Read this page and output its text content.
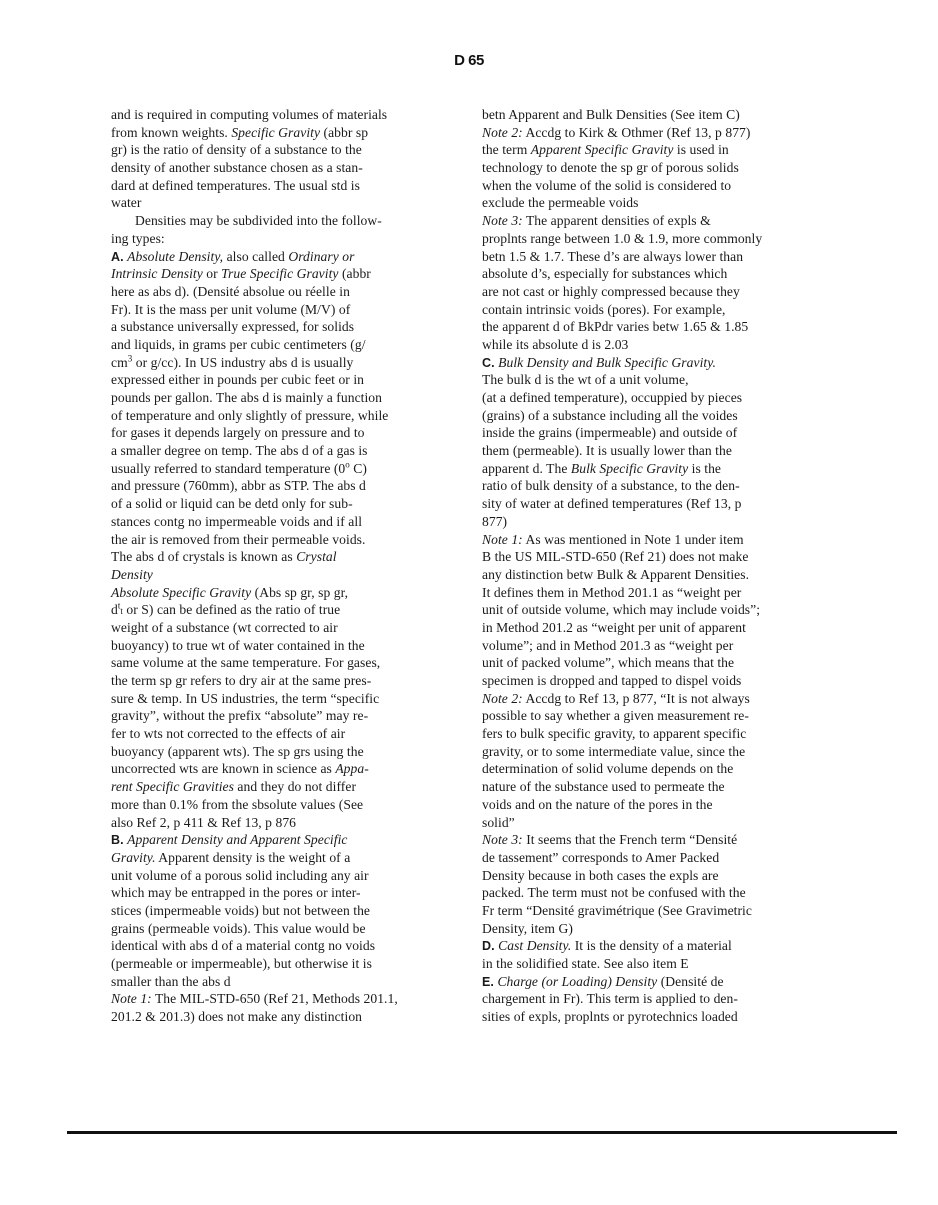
D 65
and is required in computing volumes of materials
from known weights. Specific Gravity (abbr sp
gr) is the ratio of density of a substance to the
density of another substance chosen as a stan-
dard at defined temperatures. The usual std is
water
Densities may be subdivided into the follow-
ing types:
A. Absolute Density, also called Ordinary or
Intrinsic Density or True Specific Gravity (abbr
here as abs d). (Densité absolue ou réelle in
Fr). It is the mass per unit volume (M/V) of
a substance universally expressed, for solids
and liquids, in grams per cubic centimeters (g/
$cm^3$ or g/cc). In US industry abs d is usually
expressed either in pounds per cubic feet or in
pounds per gallon. The abs d is mainly a function
of temperature and only slightly of pressure, while
for gases it depends largely on pressure and to
a smaller degree on temp. The abs d of a gas is
usually referred to standard temperature (0$^o$ C)
and pressure (760mm), abbr as STP. The abs d
of a solid or liquid can be detd only for sub-
stances contg no impermeable voids and if all
the air is removed from their permeable voids.
The abs d of crystals is known as Crystal
Density
Absolute Specific Gravity (Abs sp gr, sp gr,
$d^tt$ or S) can be defined as the ratio of true
weight of a substance (wt corrected to air
buoyancy) to true wt of water contained in the
same volume at the same temperature. For gases,
the term sp gr refers to dry air at the same pres-
sure & temp. In US industries, the term “specific
gravity”, without the prefix “absolute” may re-
fer to wts not corrected to the effects of air
buoyancy (apparent wts). The sp grs using the
uncorrected wts are known in science as Appa-
rent Specific Gravities and they do not differ
more than 0.1% from the sbsolute values (See
also Ref 2, p 411 & Ref 13, p 876
B. Apparent Density and Apparent Specific
Gravity. Apparent density is the weight of a
unit volume of a porous solid including any air
which may be entrapped in the pores or inter-
stices (impermeable voids) but not between the
grains (permeable voids). This value would be
identical with abs d of a material contg no voids
(permeable or impermeable), but otherwise it is
smaller than the abs d
Note 1: The MIL-STD-650 (Ref 21, Methods 201.1,
201.2 & 201.3) does not make any distinction
betn Apparent and Bulk Densities (See item C)
Note 2: Accdg to Kirk & Othmer (Ref 13, p 877)
the term Apparent Specific Gravity is used in
technology to denote the sp gr of porous solids
when the volume of the solid is considered to
exclude the permeable voids
Note 3: The apparent densities of expls &
proplnts range between 1.0 & 1.9, more commonly
betn 1.5 & 1.7. These d’s are always lower than
absolute d’s, especially for substances which
are not cast or highly compressed because they
contain intrinsic voids (pores). For example,
the apparent d of BkPdr varies betw 1.65 & 1.85
while its absolute d is 2.03
C. Bulk Density and Bulk Specific Gravity.
The bulk d is the wt of a unit volume,
(at a defined temperature), occuppied by pieces
(grains) of a substance including all the voides
inside the grains (impermeable) and outside of
them (permeable). It is usually lower than the
apparent d. The Bulk Specific Gravity is the
ratio of bulk density of a substance, to the den-
sity of water at defined temperatures (Ref 13, p
877)
Note 1: As was mentioned in Note 1 under item
B the US MIL-STD-650 (Ref 21) does not make
any distinction betw Bulk & Apparent Densities.
It defines them in Method 201.1 as “weight per
unit of outside volume, which may include voids”;
in Method 201.2 as “weight per unit of apparent
volume”; and in Method 201.3 as “weight per
unit of packed volume”, which means that the
specimen is dropped and tapped to dispel voids
Note 2: Accdg to Ref 13, p 877, “It is not always
possible to say whether a given measurement re-
fers to bulk specific gravity, to apparent specific
gravity, or to some intermediate value, since the
determination of solid volume depends on the
nature of the substance used to permeate the
voids and on the nature of the pores in the
solid”
Note 3: It seems that the French term “Densité
de tassement” corresponds to Amer Packed
Density because in both cases the expls are
packed. The term must not be confused with the
Fr term “Densité gravimétrique (See Gravimetric
Density, item G)
D. Cast Density. It is the density of a material
in the solidified state. See also item E
E. Charge (or Loading) Density (Densité de
chargement in Fr). This term is applied to den-
sities of expls, proplnts or pyrotechnics loaded
